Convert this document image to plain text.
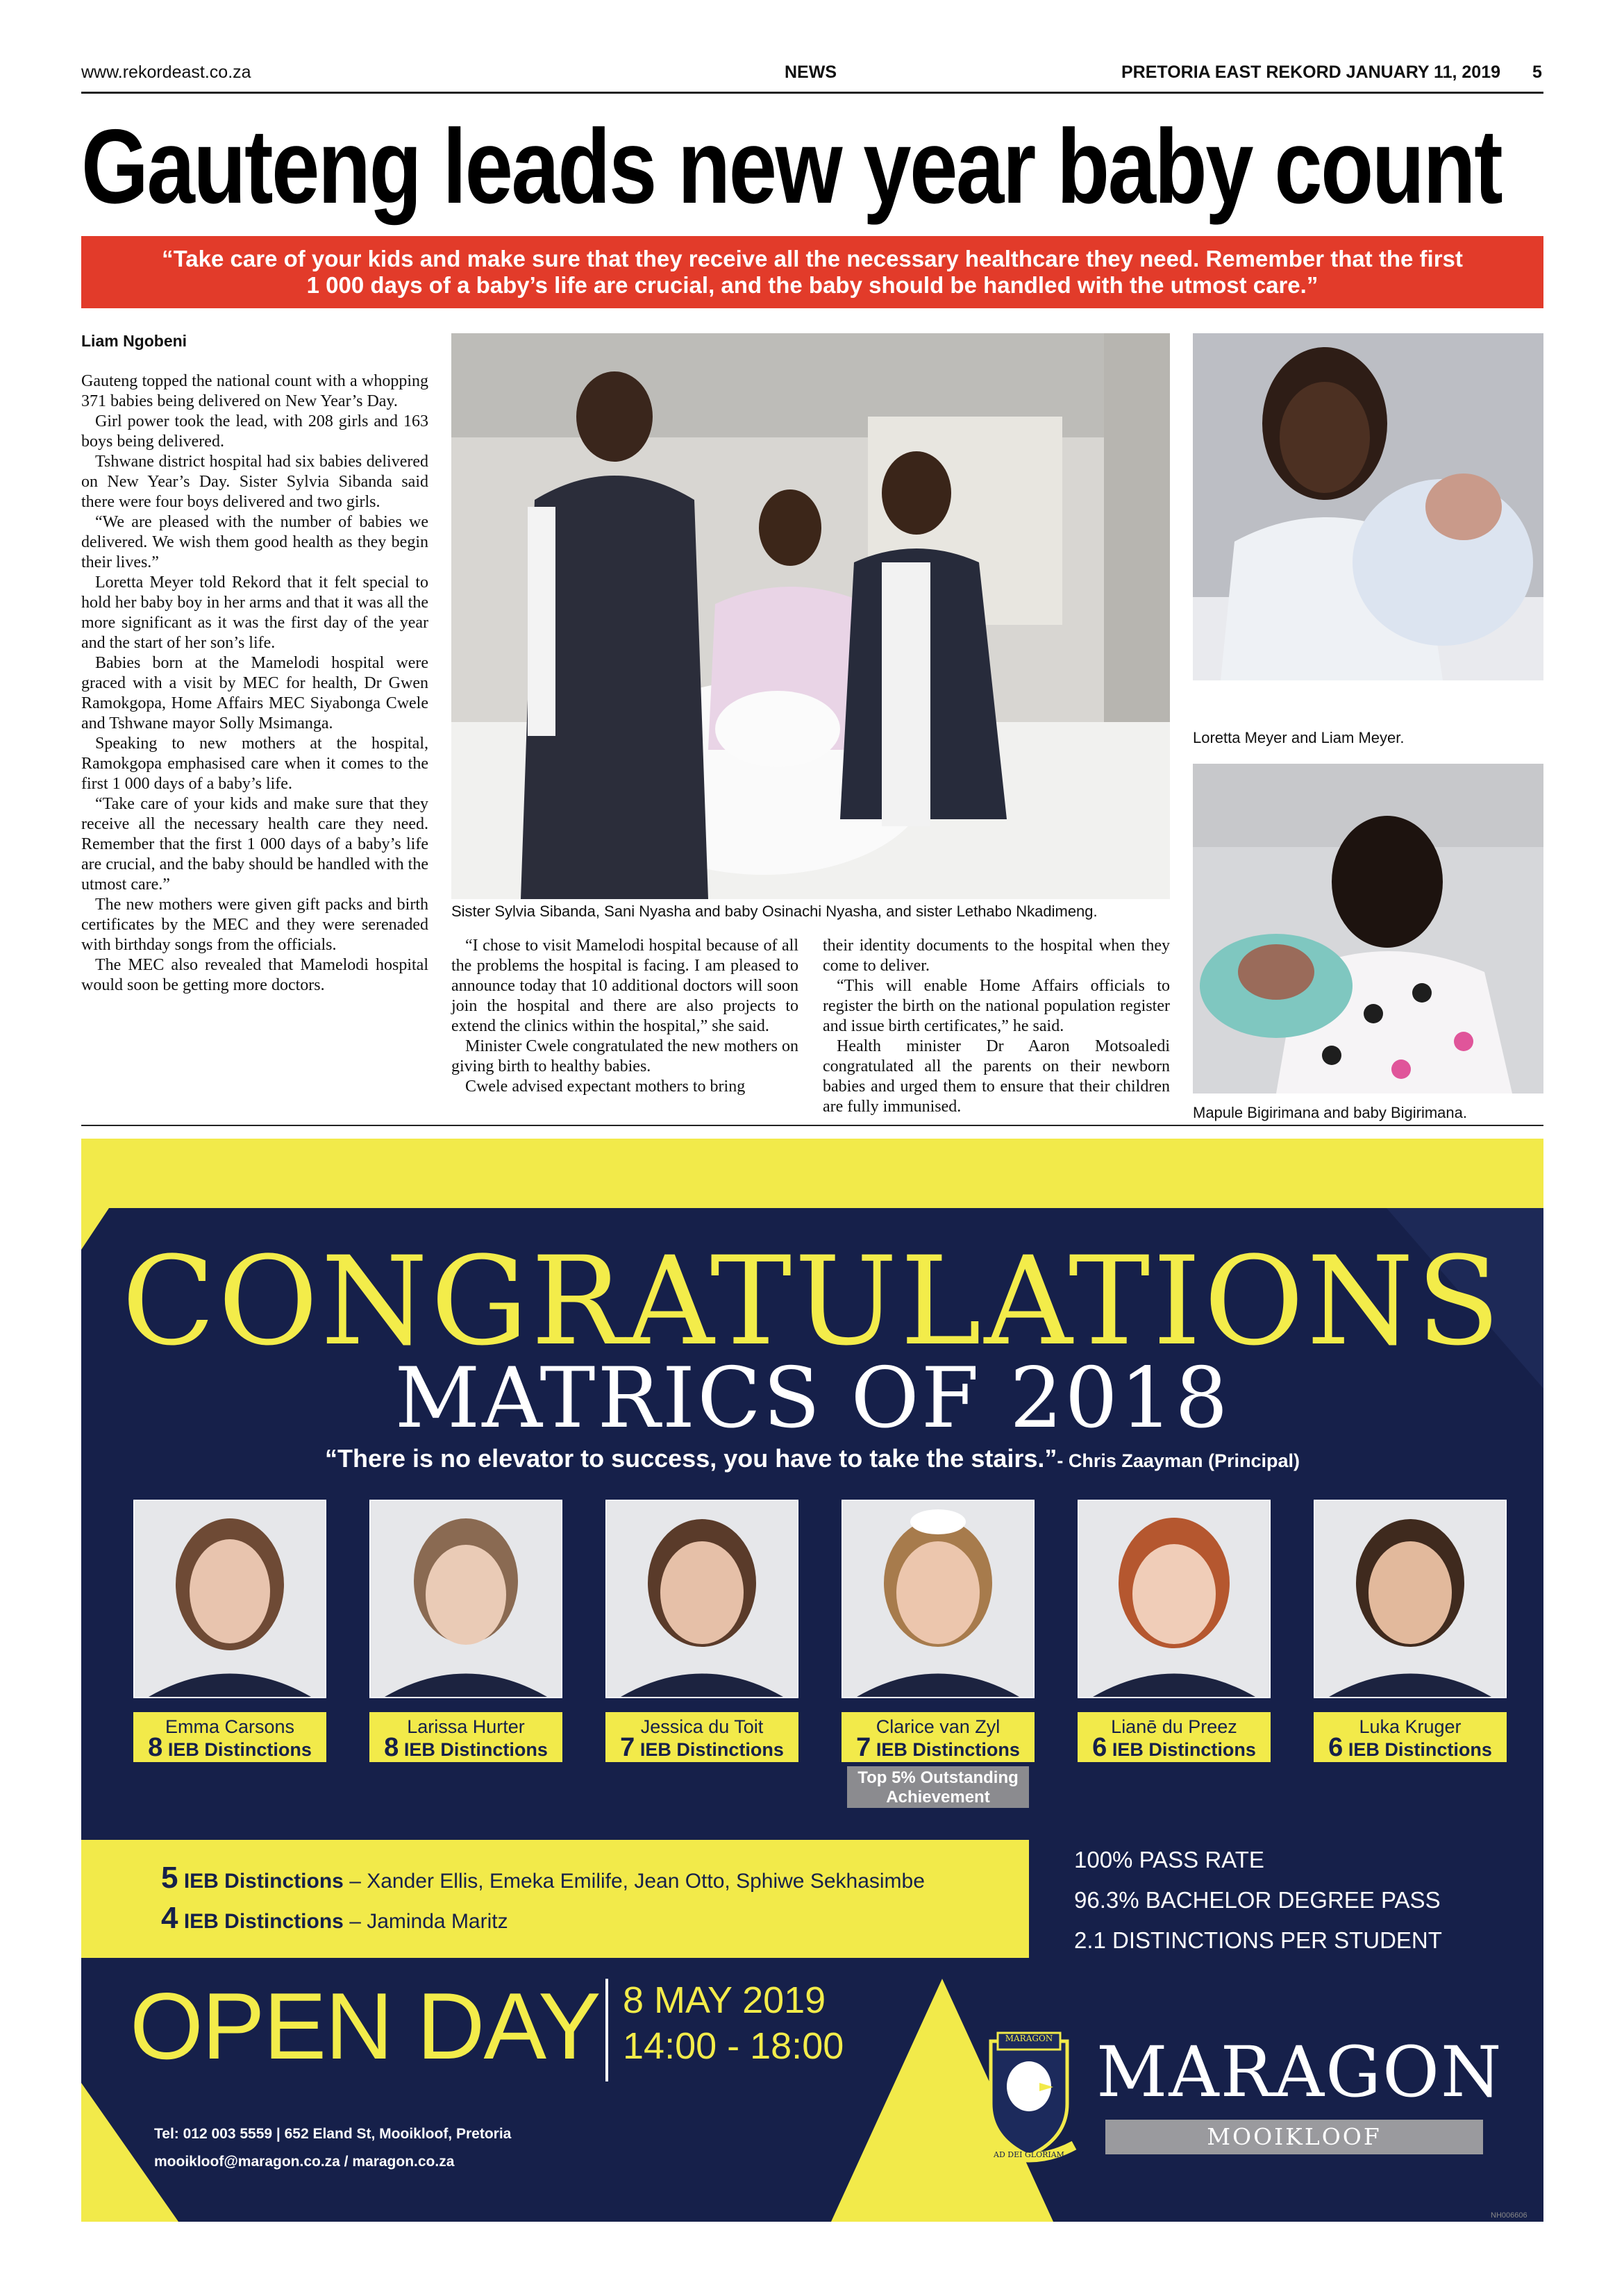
www.rekordeast.co.za	NEWS	PRETORIA EAST REKORD JANUARY 11, 2019 5
Gauteng leads new year baby count
“Take care of your kids and make sure that they receive all the necessary healthcare they need. Remember that the first
1 000 days of a baby’s life are crucial, and the baby should be handled with the utmost care.”
Liam Ngobeni

Gauteng topped the national count with a whopping 371 babies being delivered on New Year’s Day.

Girl power took the lead, with 208 girls and 163 boys being delivered.

Tshwane district hospital had six babies delivered on New Year’s Day. Sister Sylvia Sibanda said there were four boys delivered and two girls.

“We are pleased with the number of babies we delivered. We wish them good health as they begin their lives.”

Loretta Meyer told Rekord that it felt special to hold her baby boy in her arms and that it was all the more significant as it was the first day of the year and the start of her son’s life.

Babies born at the Mamelodi hospital were graced with a visit by MEC for health, Dr Gwen Ramokgopa, Home Affairs MEC Siyabonga Cwele and Tshwane mayor Solly Msimanga.

Speaking to new mothers at the hospital, Ramokgopa emphasised care when it comes to the first 1 000 days of a baby’s life.

“Take care of your kids and make sure that they receive all the necessary health care they need. Remember that the first 1 000 days of a baby’s life are crucial, and the baby should be handled with the utmost care.”

The new mothers were given gift packs and birth certificates by the MEC and they were serenaded with birthday songs from the officials.

The MEC also revealed that Mamelodi hospital would soon be getting more doctors.

Sister Sylvia Sibanda, Sani Nyasha and baby Osinachi Nyasha, and sister Lethabo Nkadimeng.

“I chose to visit Mamelodi hospital because of all the problems the hospital is facing. I am pleased to announce today that 10 additional doctors will soon join the hospital and there are also projects to extend the clinics within the hospital,” she said.

Minister Cwele congratulated the new mothers on giving birth to healthy babies.

Cwele advised expectant mothers to bring

their identity documents to the hospital when they come to deliver.

“This will enable Home Affairs officials to register the birth on the national population register and issue birth certificates,” he said.

Health minister Dr Aaron Motsoaledi congratulated all the parents on their newborn babies and urged them to ensure that their children are fully immunised.

Loretta Meyer and Liam Meyer.
Mapule Bigirimana and baby Bigirimana.
CONGRATULATIONS
MATRICS OF 2018
“There is no elevator to success, you have to take the stairs.”- Chris Zaayman (Principal)
Emma Carsons
8 IEB Distinctions
Larissa Hurter
8 IEB Distinctions
Jessica du Toit
7 IEB Distinctions
Clarice van Zyl
7 IEB Distinctions
Top 5% Outstanding Achievement
Lianē du Preez
6 IEB Distinctions
Luka Kruger
6 IEB Distinctions
5 IEB Distinctions – Xander Ellis, Emeka Emilife, Jean Otto, Sphiwe Sekhasimbe
4 IEB Distinctions – Jaminda Maritz
100% PASS RATE
96.3% BACHELOR DEGREE PASS
2.1 DISTINCTIONS PER STUDENT
OPEN DAY 8 MAY 2019
14:00 - 18:00
Tel: 012 003 5559 | 652 Eland St, Mooikloof, Pretoria
mooikloof@maragon.co.za / maragon.co.za
MARAGON
AD DEI GLORIAM
MARAGON
MOOIKLOOF
NH006606
